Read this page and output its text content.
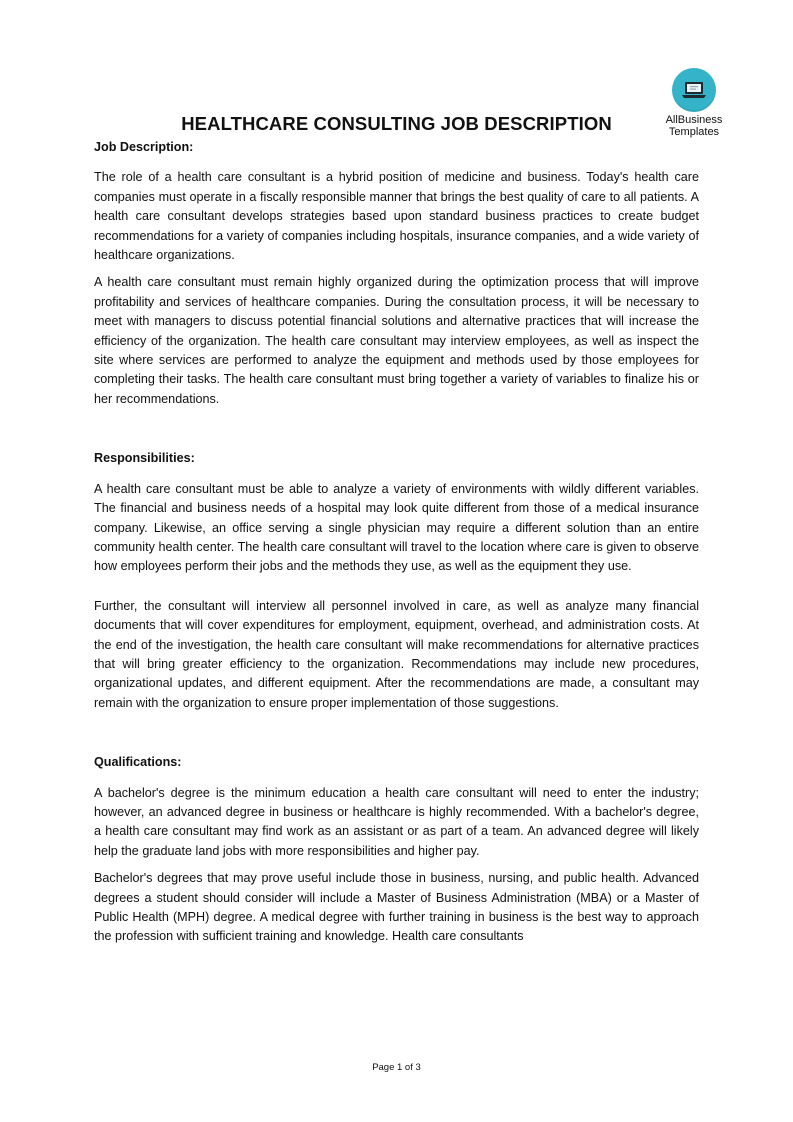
AllBusiness
Templates
HEALTHCARE CONSULTING JOB DESCRIPTION
Job Description:

The role of a health care consultant is a hybrid position of medicine and business. Today's health care companies must operate in a fiscally responsible manner that brings the best quality of care to all patients. A health care consultant develops strategies based upon standard business practices to create budget recommendations for a variety of companies including hospitals, insurance companies, and a wide variety of healthcare organizations.

A health care consultant must remain highly organized during the optimization process that will improve profitability and services of healthcare companies. During the consultation process, it will be necessary to meet with managers to discuss potential financial solutions and alternative practices that will increase the efficiency of the organization. The health care consultant may interview employees, as well as inspect the site where services are performed to analyze the equipment and methods used by those employees for completing their tasks. The health care consultant must bring together a variety of variables to finalize his or her recommendations.

Responsibilities:

A health care consultant must be able to analyze a variety of environments with wildly different variables. The financial and business needs of a hospital may look quite different from those of a medical insurance company. Likewise, an office serving a single physician may require a different solution than an entire community health center. The health care consultant will travel to the location where care is given to observe how employees perform their jobs and the methods they use, as well as the equipment they use.

Further, the consultant will interview all personnel involved in care, as well as analyze many financial documents that will cover expenditures for employment, equipment, overhead, and administration costs. At the end of the investigation, the health care consultant will make recommendations for alternative practices that will bring greater efficiency to the organization. Recommendations may include new procedures, organizational updates, and different equipment. After the recommendations are made, a consultant may remain with the organization to ensure proper implementation of those suggestions.

Qualifications:

A bachelor's degree is the minimum education a health care consultant will need to enter the industry; however, an advanced degree in business or healthcare is highly recommended. With a bachelor's degree, a health care consultant may find work as an assistant or as part of a team. An advanced degree will likely help the graduate land jobs with more responsibilities and higher pay.

Bachelor's degrees that may prove useful include those in business, nursing, and public health. Advanced degrees a student should consider will include a Master of Business Administration (MBA) or a Master of Public Health (MPH) degree. A medical degree with further training in business is the best way to approach the profession with sufficient training and knowledge. Health care consultants

Page 1 of 3
